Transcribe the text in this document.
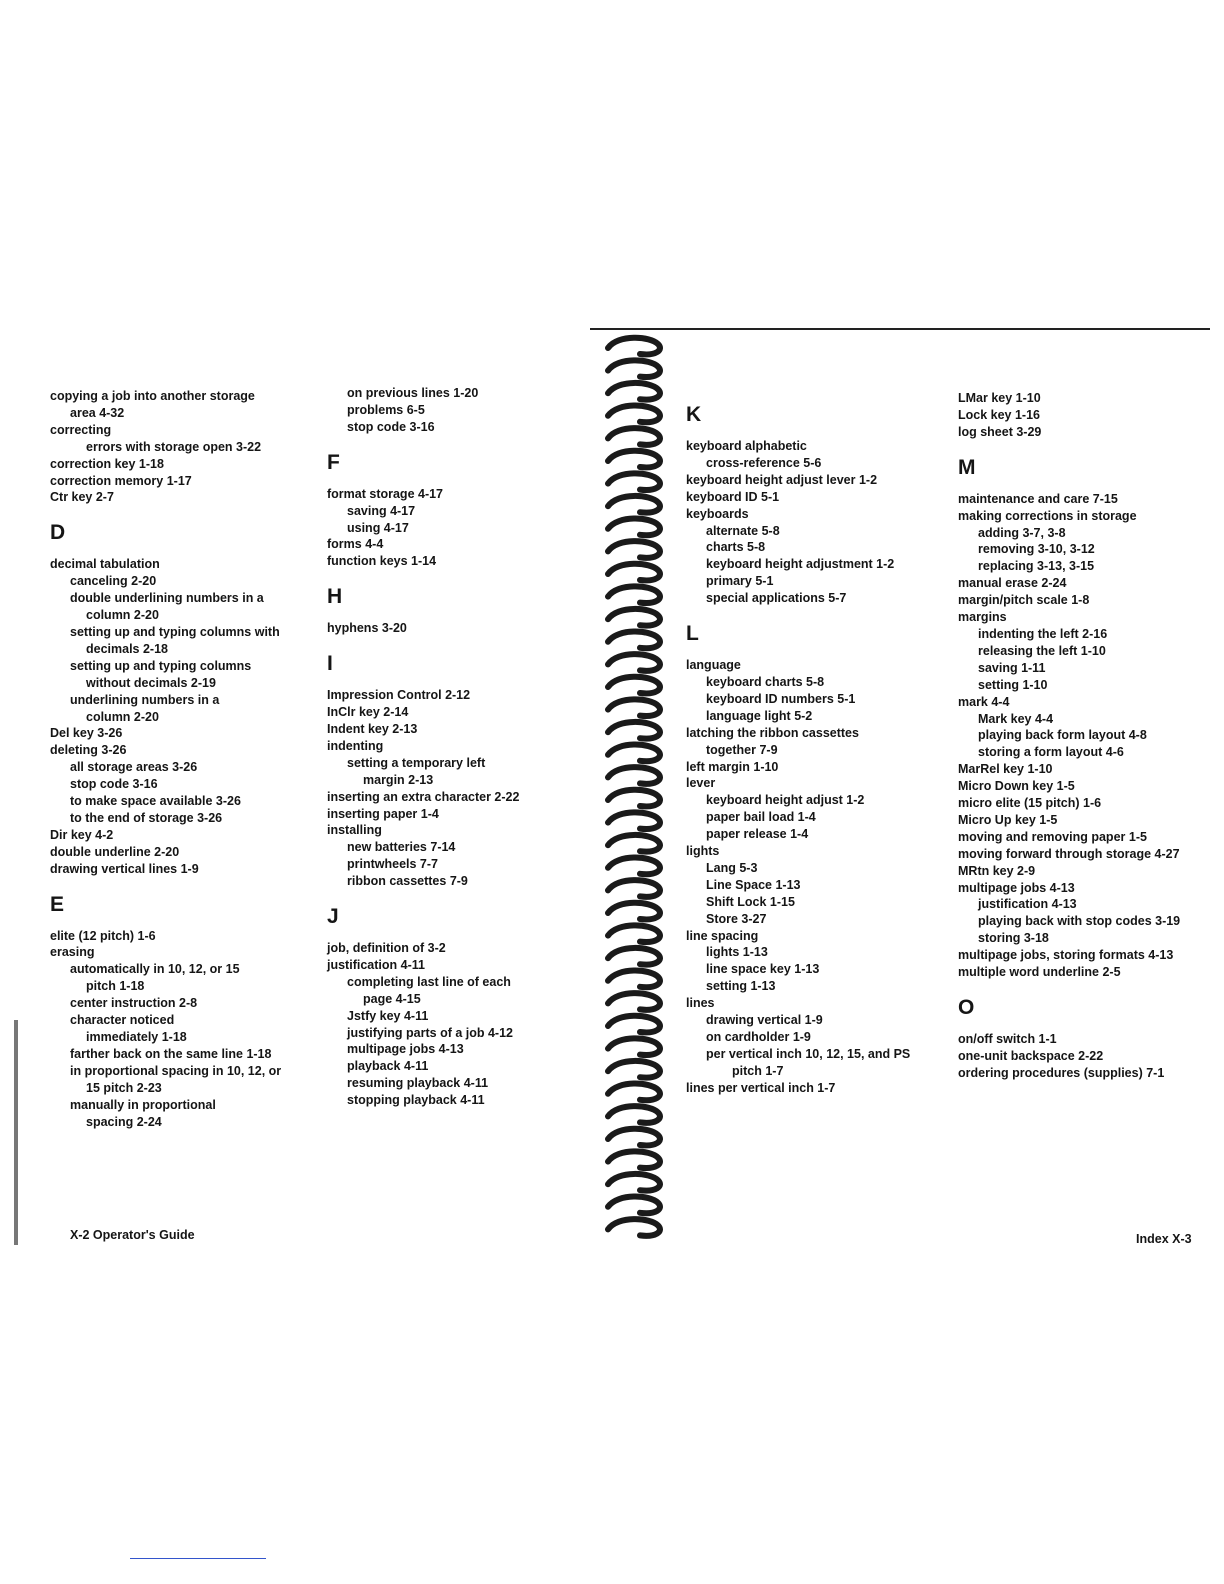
copying a job into another storage
area 4-32
correcting
errors with storage open 3-22
correction key 1-18
correction memory 1-17
Ctr key 2-7
D
decimal tabulation
canceling 2-20
double underlining numbers in a
column 2-20
setting up and typing columns with
decimals 2-18
setting up and typing columns
without decimals 2-19
underlining numbers in a
column 2-20
Del key 3-26
deleting 3-26
all storage areas 3-26
stop code 3-16
to make space available 3-26
to the end of storage 3-26
Dir key 4-2
double underline 2-20
drawing vertical lines 1-9
E
elite (12 pitch) 1-6
erasing
automatically in 10, 12, or 15
pitch 1-18
center instruction 2-8
character noticed
immediately 1-18
farther back on the same line 1-18
in proportional spacing in 10, 12, or
15 pitch 2-23
manually in proportional
spacing 2-24
on previous lines 1-20
problems 6-5
stop code 3-16
F
format storage 4-17
saving 4-17
using 4-17
forms 4-4
function keys 1-14
H
hyphens 3-20
I
Impression Control 2-12
InClr key 2-14
Indent key 2-13
indenting
setting a temporary left
margin 2-13
inserting an extra character 2-22
inserting paper 1-4
installing
new batteries 7-14
printwheels 7-7
ribbon cassettes 7-9
J
job, definition of 3-2
justification 4-11
completing last line of each
page 4-15
Jstfy key 4-11
justifying parts of a job 4-12
multipage jobs 4-13
playback 4-11
resuming playback 4-11
stopping playback 4-11
K
keyboard alphabetic
cross-reference 5-6
keyboard height adjust lever 1-2
keyboard ID 5-1
keyboards
alternate 5-8
charts 5-8
keyboard height adjustment 1-2
primary 5-1
special applications 5-7
L
language
keyboard charts 5-8
keyboard ID numbers 5-1
language light 5-2
latching the ribbon cassettes
together 7-9
left margin 1-10
lever
keyboard height adjust 1-2
paper bail load 1-4
paper release 1-4
lights
Lang 5-3
Line Space 1-13
Shift Lock 1-15
Store 3-27
line spacing
lights 1-13
line space key 1-13
setting 1-13
lines
drawing vertical 1-9
on cardholder 1-9
per vertical inch 10, 12, 15, and PS
pitch 1-7
lines per vertical inch 1-7
LMar key 1-10
Lock key 1-16
log sheet 3-29
M
maintenance and care 7-15
making corrections in storage
adding 3-7, 3-8
removing 3-10, 3-12
replacing 3-13, 3-15
manual erase 2-24
margin/pitch scale 1-8
margins
indenting the left 2-16
releasing the left 1-10
saving 1-11
setting 1-10
mark 4-4
Mark key 4-4
playing back form layout 4-8
storing a form layout 4-6
MarRel key 1-10
Micro Down key 1-5
micro elite (15 pitch) 1-6
Micro Up key 1-5
moving and removing paper 1-5
moving forward through storage 4-27
MRtn key 2-9
multipage jobs 4-13
justification 4-13
playing back with stop codes 3-19
storing 3-18
multipage jobs, storing formats 4-13
multiple word underline 2-5
O
on/off switch 1-1
one-unit backspace 2-22
ordering procedures (supplies) 7-1
X-2 Operator's Guide	Index X-3
